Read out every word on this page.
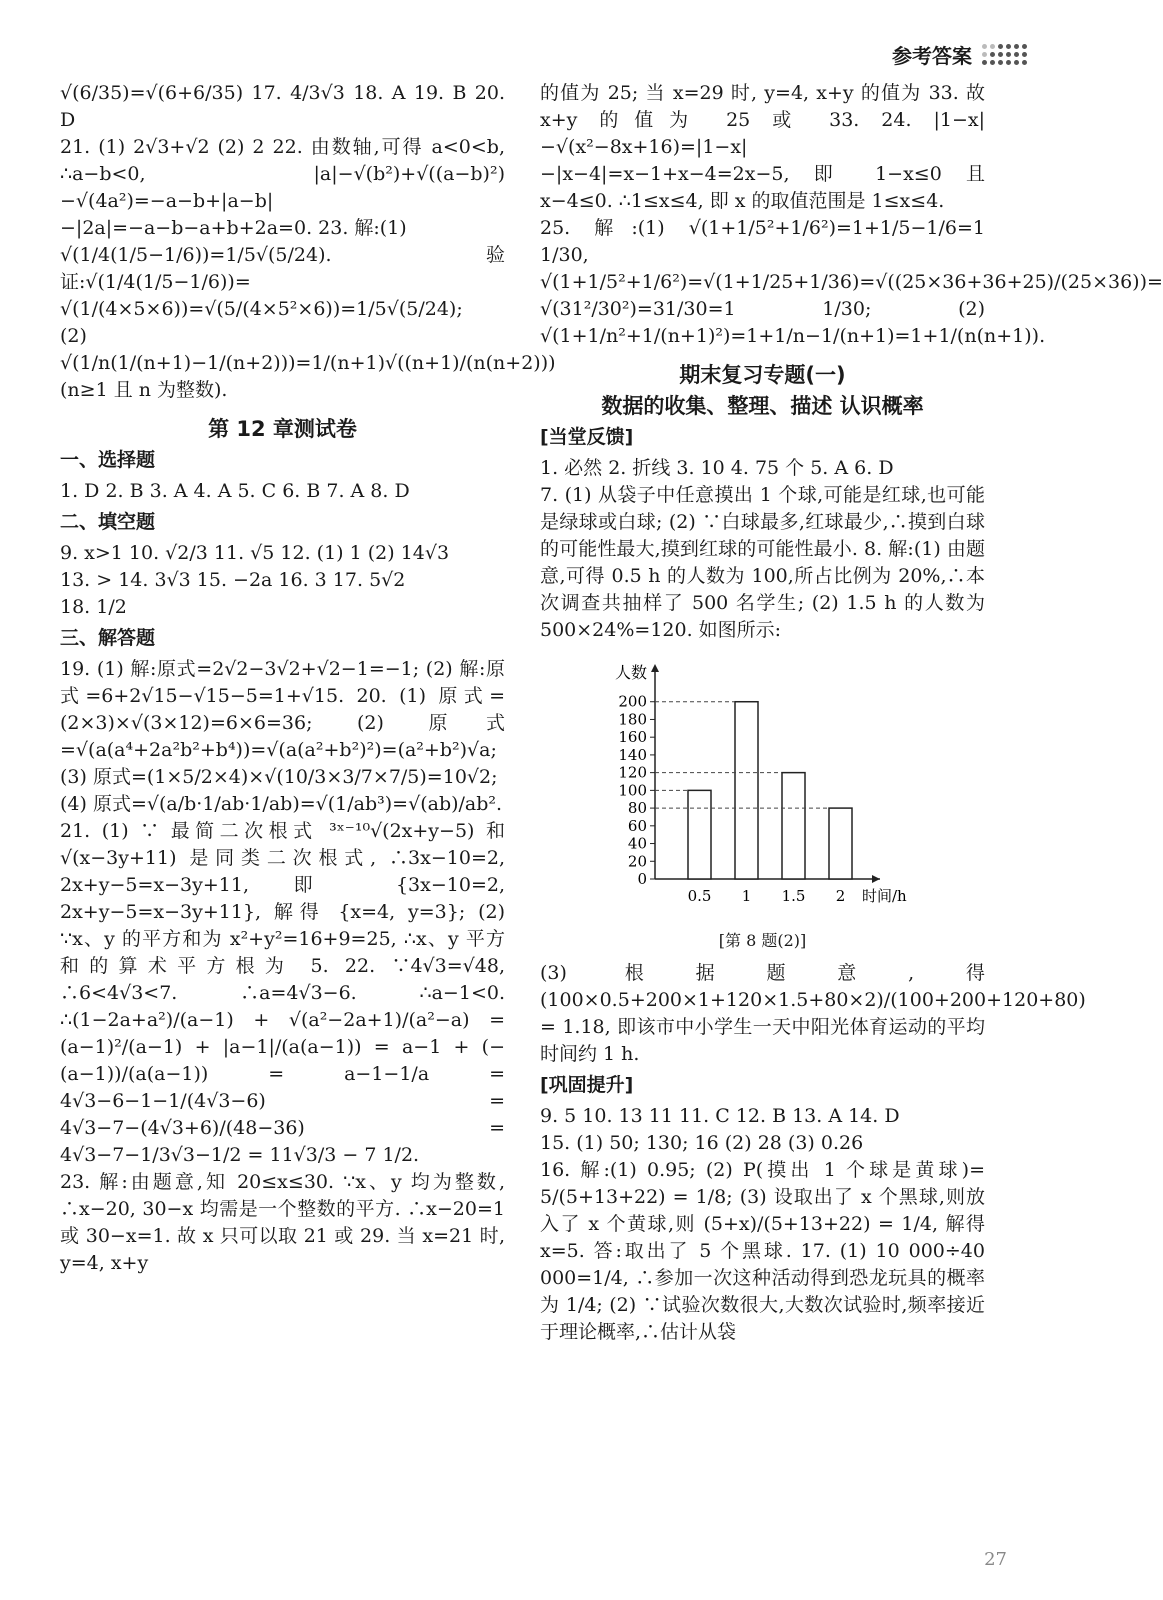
参考答案

√(6/35)=√(6+6/35) 17. 4/3√3 18. A 19. B 20. D

21. (1) 2√3+√2 (2) 2 22. 由数轴,可得 a<0<b, ∴a−b<0, |a|−√(b²)+√((a−b)²)−√(4a²)=−a−b+|a−b|−|2a|=−a−b−a+b+2a=0. 23. 解:(1)

√(1/4(1/5−1/6))=1/5√(5/24). 验证:√(1/4(1/5−1/6))=

√(1/(4×5×6))=√(5/(4×5²×6))=1/5√(5/24);

(2) √(1/n(1/(n+1)−1/(n+2)))=1/(n+1)√((n+1)/(n(n+2))) (n≥1 且 n 为整数).

第 12 章测试卷
一、选择题

1. D 2. B 3. A 4. A 5. C 6. B 7. A 8. D

二、填空题

9. x>1 10. √2/3 11. √5 12. (1) 1 (2) 14√3

13. > 14. 3√3 15. −2a 16. 3 17. 5√2

18. 1/2

三、解答题

19. (1) 解:原式=2√2−3√2+√2−1=−1; (2) 解:原式=6+2√15−√15−5=1+√15. 20. (1) 原式=(2×3)×√(3×12)=6×6=36; (2) 原式=√(a(a⁴+2a²b²+b⁴))=√(a(a²+b²)²)=(a²+b²)√a;

(3) 原式=(1×5/2×4)×√(10/3×3/7×7/5)=10√2;

(4) 原式=√(a/b·1/ab·1/ab)=√(1/ab³)=√(ab)/ab².

21. (1) ∵ 最简二次根式 ³ˣ⁻¹⁰√(2x+y−5) 和 √(x−3y+11) 是同类二次根式, ∴3x−10=2, 2x+y−5=x−3y+11, 即 {3x−10=2, 2x+y−5=x−3y+11}, 解得 {x=4, y=3}; (2) ∵x、y 的平方和为 x²+y²=16+9=25, ∴x、y 平方和的算术平方根为 5. 22. ∵4√3=√48, ∴6<4√3<7. ∴a=4√3−6. ∴a−1<0. ∴(1−2a+a²)/(a−1) + √(a²−2a+1)/(a²−a) = (a−1)²/(a−1) + |a−1|/(a(a−1)) = a−1 + (−(a−1))/(a(a−1)) = a−1−1/a = 4√3−6−1−1/(4√3−6) = 4√3−7−(4√3+6)/(48−36) = 4√3−7−1/3√3−1/2 = 11√3/3 − 7 1/2.

23. 解:由题意,知 20≤x≤30. ∵x、y 均为整数, ∴x−20, 30−x 均需是一个整数的平方. ∴x−20=1 或 30−x=1. 故 x 只可以取 21 或 29. 当 x=21 时, y=4, x+y

的值为 25; 当 x=29 时, y=4, x+y 的值为 33. 故 x+y 的值为 25 或 33. 24. |1−x|−√(x²−8x+16)=|1−x|−|x−4|=x−1+x−4=2x−5, 即 1−x≤0 且 x−4≤0. ∴1≤x≤4, 即 x 的取值范围是 1≤x≤4.

25. 解:(1) √(1+1/5²+1/6²)=1+1/5−1/6=1 1/30,

√(1+1/5²+1/6²)=√(1+1/25+1/36)=√((25×36+36+25)/(25×36))=

√(31²/30²)=31/30=1 1/30; (2) √(1+1/n²+1/(n+1)²)=1+1/n−1/(n+1)=1+1/(n(n+1)).

期末复习专题(一)
数据的收集、整理、描述 认识概率
[当堂反馈]

1. 必然 2. 折线 3. 10 4. 75 个 5. A 6. D

7. (1) 从袋子中任意摸出 1 个球,可能是红球,也可能是绿球或白球; (2) ∵白球最多,红球最少,∴摸到白球的可能性最大,摸到红球的可能性最小. 8. 解:(1) 由题意,可得 0.5 h 的人数为 100,所占比例为 20%,∴本次调查共抽样了 500 名学生; (2) 1.5 h 的人数为 500×24%=120. 如图所示:

0
20
40
60
80
100
120
140
160
180
200
人数
0.5 1 1.5 2 时间/h
[第 8 题(2)]

(3) 根据题意,得 (100×0.5+200×1+120×1.5+80×2)/(100+200+120+80) = 1.18, 即该市中小学生一天中阳光体育运动的平均时间约 1 h.

[巩固提升]

9. 5 10. 13 11 11. C 12. B 13. A 14. D

15. (1) 50; 130; 16 (2) 28 (3) 0.26

16. 解:(1) 0.95; (2) P(摸出 1 个球是黄球)= 5/(5+13+22) = 1/8; (3) 设取出了 x 个黑球,则放入了 x 个黄球,则 (5+x)/(5+13+22) = 1/4, 解得 x=5. 答:取出了 5 个黑球. 17. (1) 10 000÷40 000=1/4, ∴参加一次这种活动得到恐龙玩具的概率为 1/4; (2) ∵试验次数很大,大数次试验时,频率接近于理论概率,∴估计从袋

27
